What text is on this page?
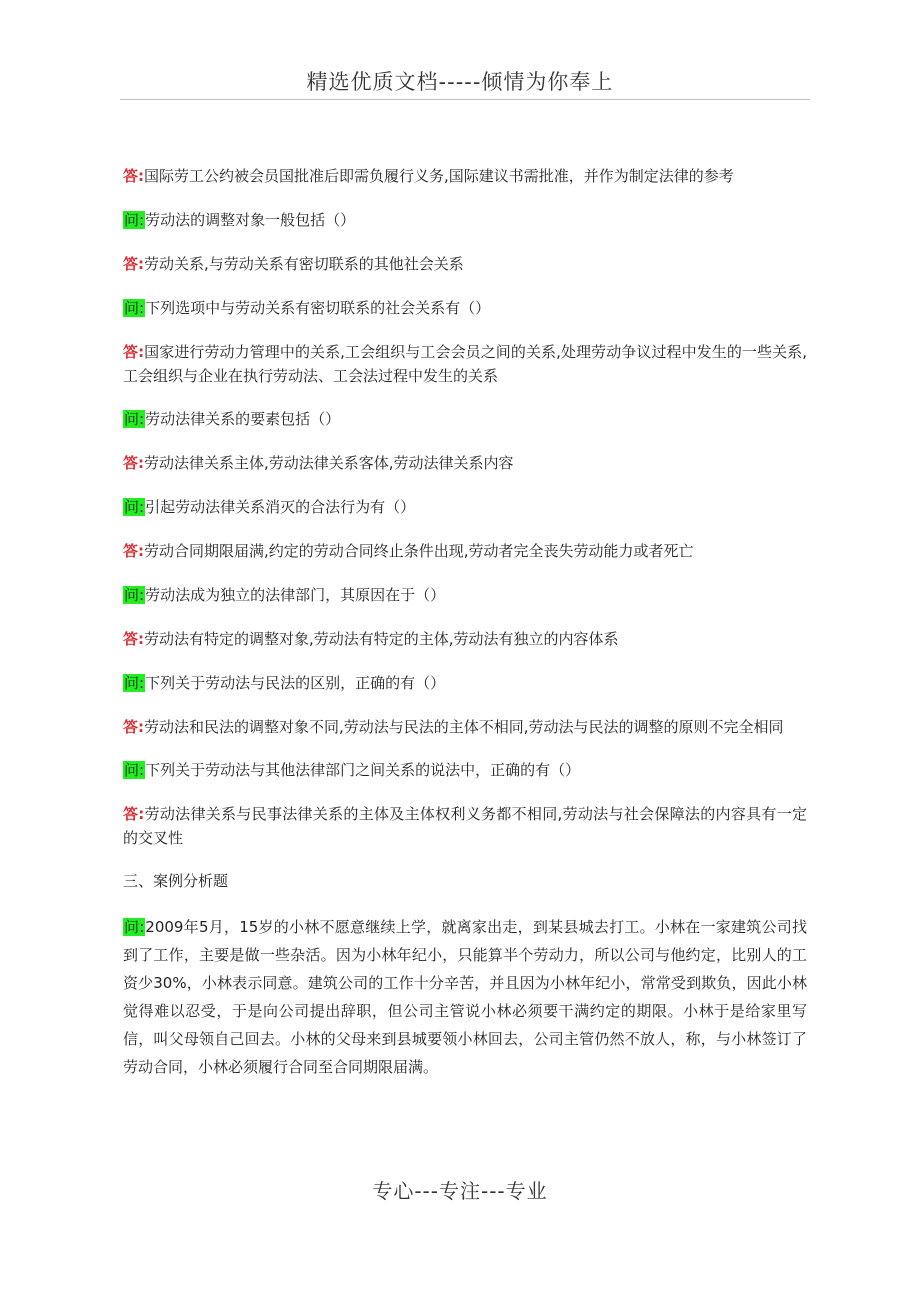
精选优质文档-----倾情为你奉上

答:国际劳工公约被会员国批准后即需负履行义务,国际建议书需批准，并作为制定法律的参考

问:劳动法的调整对象一般包括（）

答:劳动关系,与劳动关系有密切联系的其他社会关系

问:下列选项中与劳动关系有密切联系的社会关系有（）

答:国家进行劳动力管理中的关系,工会组织与工会会员之间的关系,处理劳动争议过程中发生的一些关系,工会组织与企业在执行劳动法、工会法过程中发生的关系

问:劳动法律关系的要素包括（）

答:劳动法律关系主体,劳动法律关系客体,劳动法律关系内容

问:引起劳动法律关系消灭的合法行为有（）

答:劳动合同期限届满,约定的劳动合同终止条件出现,劳动者完全丧失劳动能力或者死亡

问:劳动法成为独立的法律部门，其原因在于（）

答:劳动法有特定的调整对象,劳动法有特定的主体,劳动法有独立的内容体系

问:下列关于劳动法与民法的区别，正确的有（）

答:劳动法和民法的调整对象不同,劳动法与民法的主体不相同,劳动法与民法的调整的原则不完全相同

问:下列关于劳动法与其他法律部门之间关系的说法中，正确的有（）

答:劳动法律关系与民事法律关系的主体及主体权利义务都不相同,劳动法与社会保障法的内容具有一定的交叉性

三、案例分析题

问:2009年5月，15岁的小林不愿意继续上学，就离家出走，到某县城去打工。小林在一家建筑公司找到了工作，主要是做一些杂活。因为小林年纪小，只能算半个劳动力，所以公司与他约定，比别人的工资少30%，小林表示同意。建筑公司的工作十分辛苦，并且因为小林年纪小，常常受到欺负，因此小林觉得难以忍受，于是向公司提出辞职，但公司主管说小林必须要干满约定的期限。小林于是给家里写信，叫父母领自己回去。小林的父母来到县城要领小林回去，公司主管仍然不放人，称，与小林签订了劳动合同，小林必须履行合同至合同期限届满。

专心---专注---专业
